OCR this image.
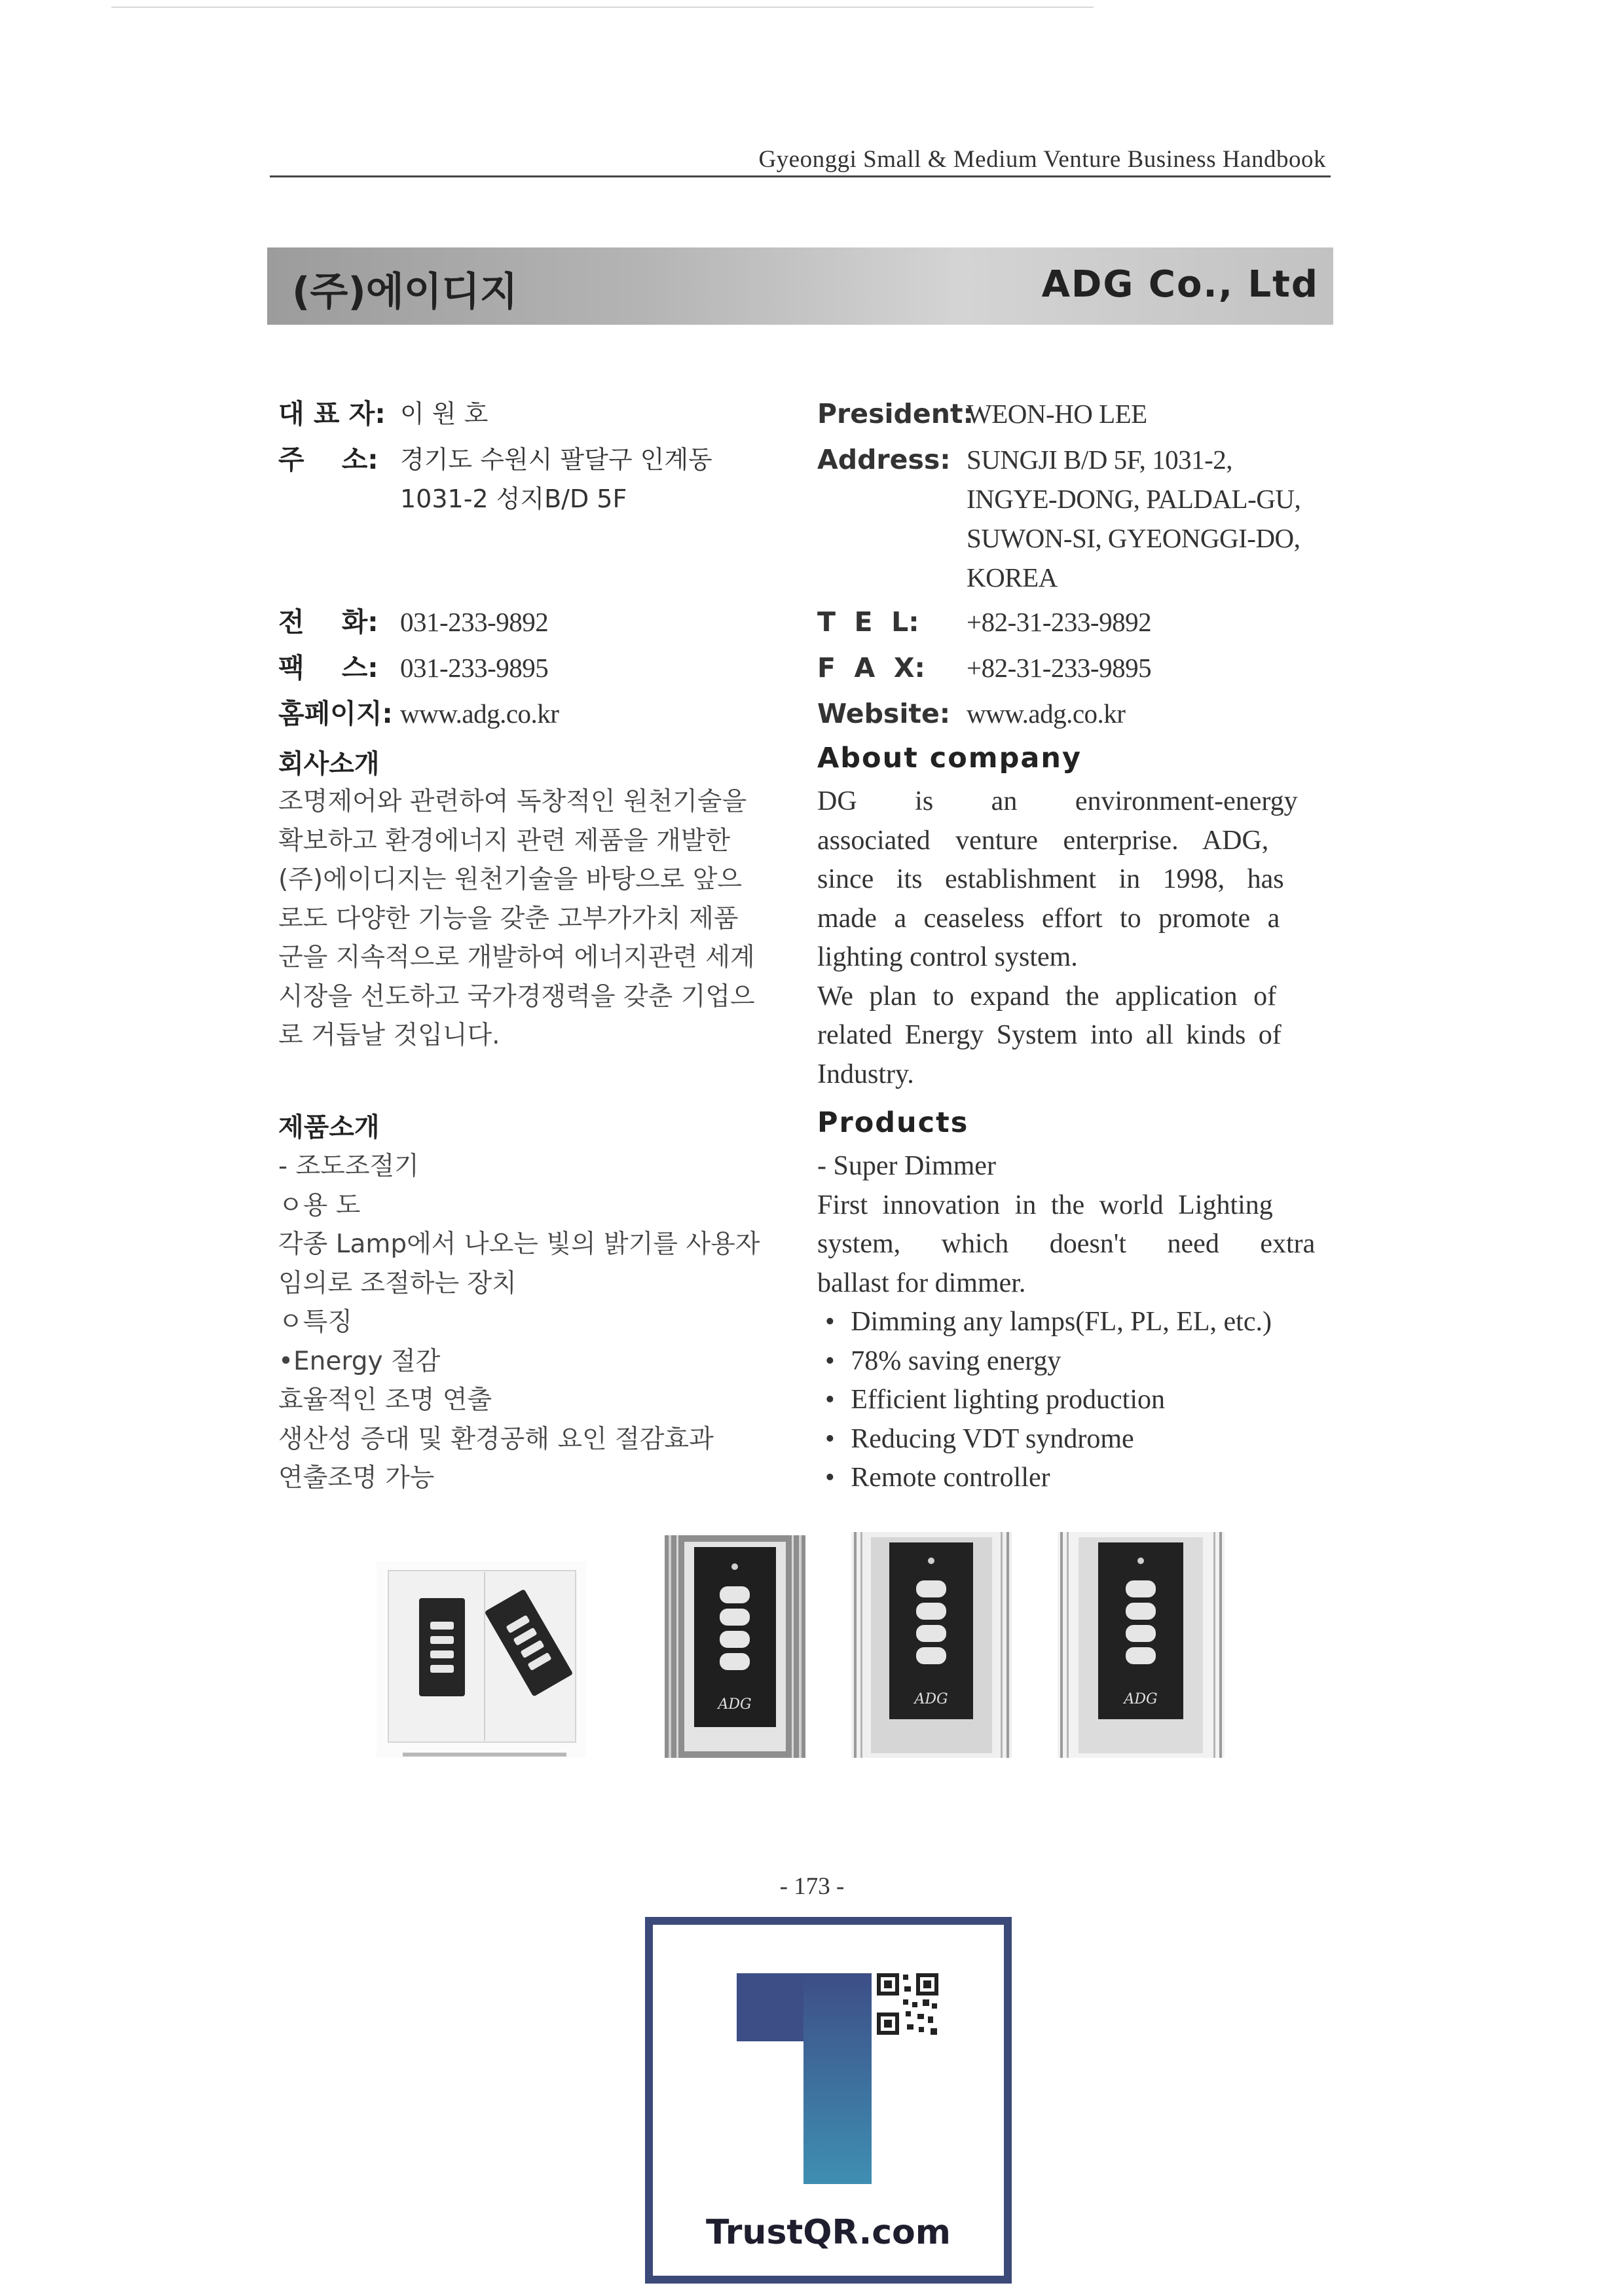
Gyeonggi Small & Medium Venture Business Handbook
(주)에이디지	ADG Co., Ltd
대 표 자: 이 원 호
주    소: 경기도 수원시 팔달구 인계동
1031-2 성지B/D 5F
전    화: 031-233-9892
팩    스: 031-233-9895
홈페이지: www.adg.co.kr
President:
WEON-HO LEE
Address: SUNGJI B/D 5F, 1031-2,
INGYE-DONG, PALDAL-GU,
SUWON-SI, GYEONGGI-DO,
KOREA
T  E  L:	+82-31-233-9892
F  A  X:	+82-31-233-9895
Website: www.adg.co.kr
회사소개
조명제어와 관련하여 독창적인 원천기술을
확보하고 환경에너지 관련 제품을 개발한
(주)에이디지는 원천기술을 바탕으로 앞으
로도 다양한 기능을 갖춘 고부가가치 제품
군을 지속적으로 개발하여 에너지관련 세계
시장을 선도하고 국가경쟁력을 갖춘 기업으
로 거듭날 것입니다.
About company
DG is an environment-energy
associated venture enterprise. ADG,
since its establishment in 1998, has
made a ceaseless effort to promote a
lighting control system.
We plan to expand the application of
related Energy System into all kinds of
Industry.
제품소개
- 조도조절기
ㅇ용 도
각종 Lamp에서 나오는 빛의 밝기를 사용자
임의로 조절하는 장치
ㅇ특징
•Energy 절감
효율적인 조명 연출
생산성 증대 및 환경공해 요인 절감효과
연출조명 가능
Products
- Super Dimmer
First innovation in the world Lighting
system, which doesn't need extra
ballast for dimmer.
• Dimming any lamps(FL, PL, EL, etc.)
• 78% saving energy
• Efficient lighting production
• Reducing VDT syndrome
• Remote controller
ADG	ADG	ADG
- 173 -
TrustQR.com
